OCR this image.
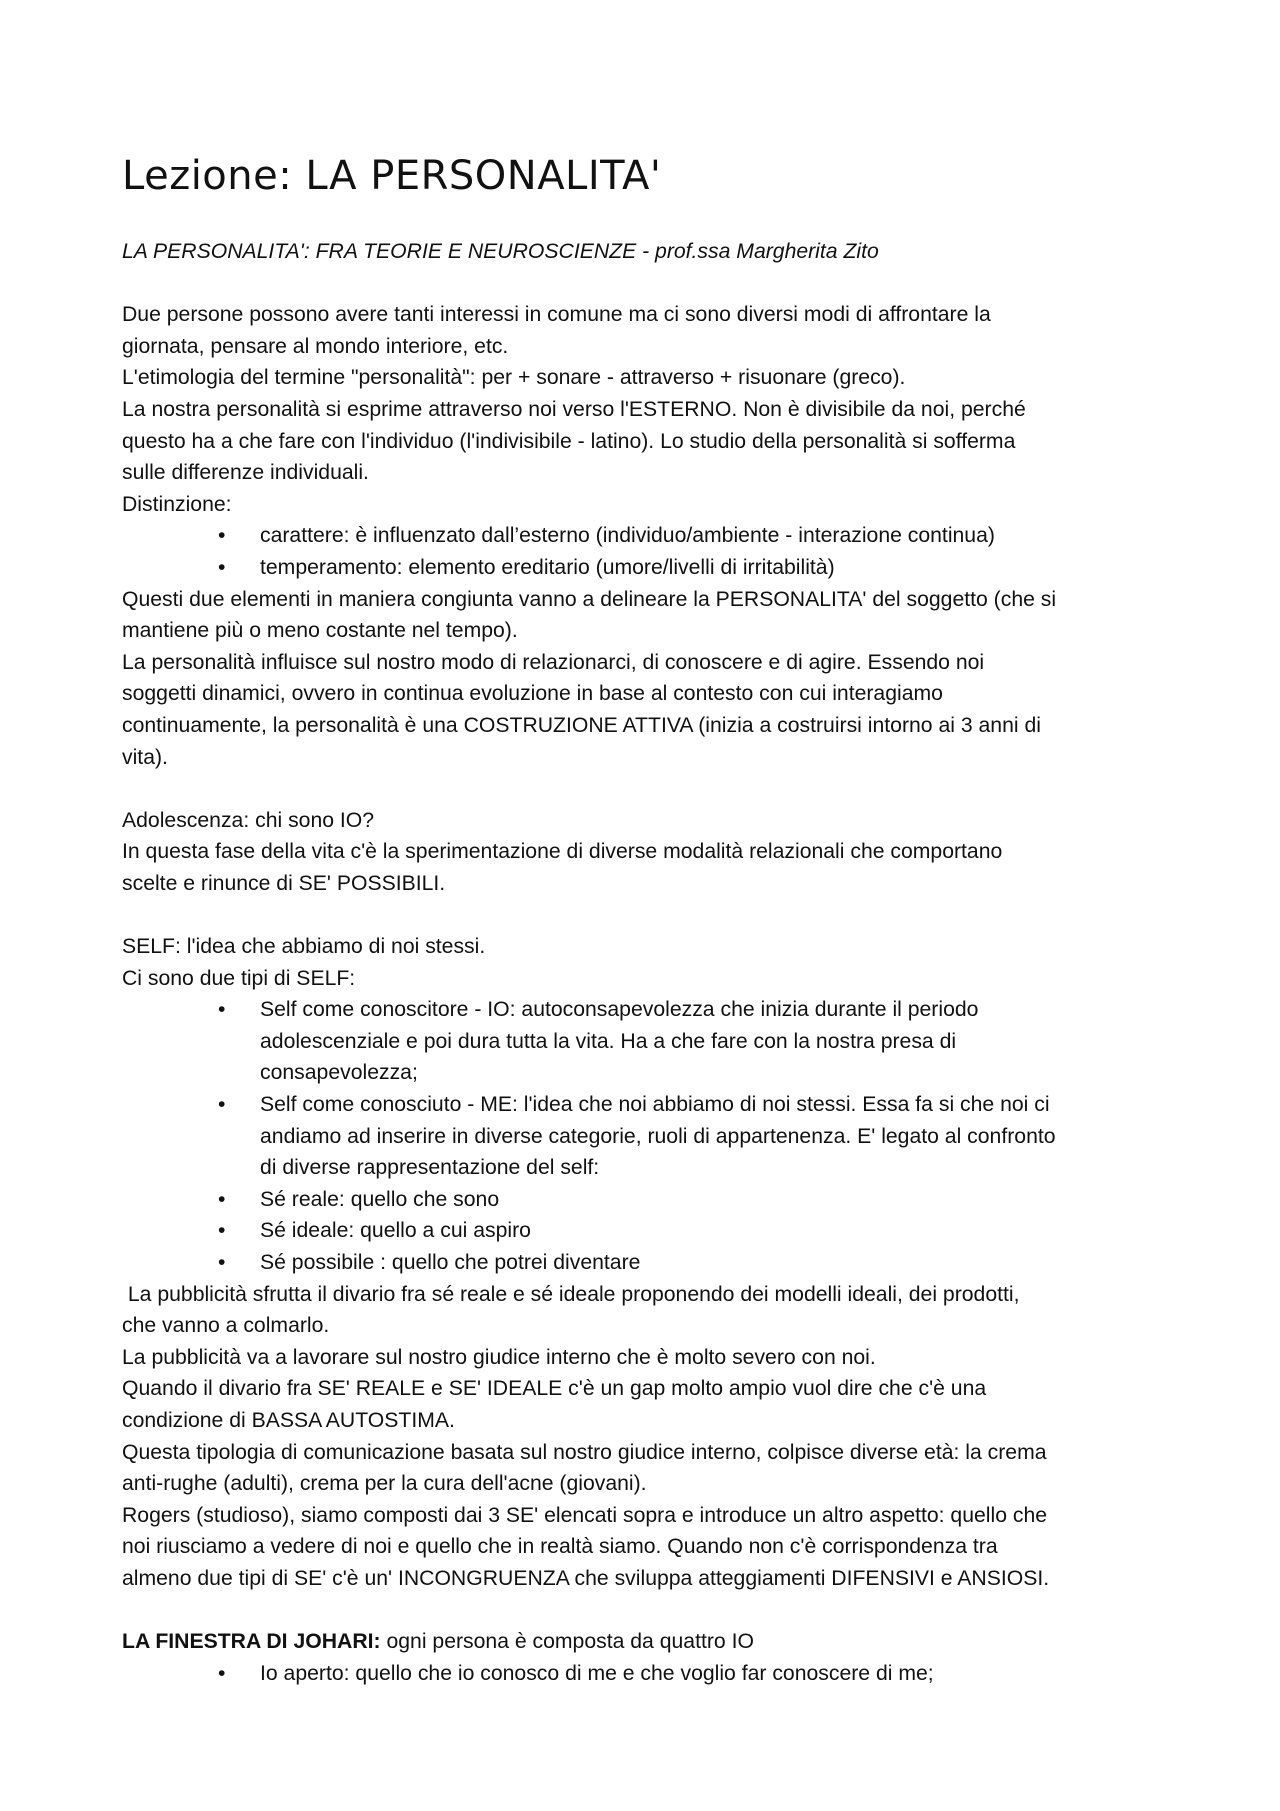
Lezione: LA PERSONALITA'
LA PERSONALITA': FRA TEORIE E NEUROSCIENZE - prof.ssa Margherita Zito
Due persone possono avere tanti interessi in comune ma ci sono diversi modi di affrontare la
giornata, pensare al mondo interiore, etc.
L'etimologia del termine "personalità": per + sonare - attraverso + risuonare (greco).
La nostra personalità si esprime attraverso noi verso l'ESTERNO. Non è divisibile da noi, perché
questo ha a che fare con l'individuo (l'indivisibile - latino). Lo studio della personalità si sofferma
sulle differenze individuali.
Distinzione:
• carattere: è influenzato dall’esterno (individuo/ambiente - interazione continua)
• temperamento: elemento ereditario (umore/livelli di irritabilità)
Questi due elementi in maniera congiunta vanno a delineare la PERSONALITA' del soggetto (che si
mantiene più o meno costante nel tempo).
La personalità influisce sul nostro modo di relazionarci, di conoscere e di agire. Essendo noi
soggetti dinamici, ovvero in continua evoluzione in base al contesto con cui interagiamo
continuamente, la personalità è una COSTRUZIONE ATTIVA (inizia a costruirsi intorno ai 3 anni di
vita).
Adolescenza: chi sono IO?
In questa fase della vita c'è la sperimentazione di diverse modalità relazionali che comportano
scelte e rinunce di SE' POSSIBILI.
SELF: l'idea che abbiamo di noi stessi.
Ci sono due tipi di SELF:
• Self come conoscitore - IO: autoconsapevolezza che inizia durante il periodo
adolescenziale e poi dura tutta la vita. Ha a che fare con la nostra presa di
consapevolezza;
• Self come conosciuto - ME: l'idea che noi abbiamo di noi stessi. Essa fa si che noi ci
andiamo ad inserire in diverse categorie, ruoli di appartenenza. E' legato al confronto
di diverse rappresentazione del self:
• Sé reale: quello che sono
• Sé ideale: quello a cui aspiro
• Sé possibile : quello che potrei diventare
La pubblicità sfrutta il divario fra sé reale e sé ideale proponendo dei modelli ideali, dei prodotti,
che vanno a colmarlo.
La pubblicità va a lavorare sul nostro giudice interno che è molto severo con noi.
Quando il divario fra SE' REALE e SE' IDEALE c'è un gap molto ampio vuol dire che c'è una
condizione di BASSA AUTOSTIMA.
Questa tipologia di comunicazione basata sul nostro giudice interno, colpisce diverse età: la crema
anti-rughe (adulti), crema per la cura dell'acne (giovani).
Rogers (studioso), siamo composti dai 3 SE' elencati sopra e introduce un altro aspetto: quello che
noi riusciamo a vedere di noi e quello che in realtà siamo. Quando non c'è corrispondenza tra
almeno due tipi di SE' c'è un' INCONGRUENZA che sviluppa atteggiamenti DIFENSIVI e ANSIOSI.
LA FINESTRA DI JOHARI: ogni persona è composta da quattro IO
• Io aperto: quello che io conosco di me e che voglio far conoscere di me;
